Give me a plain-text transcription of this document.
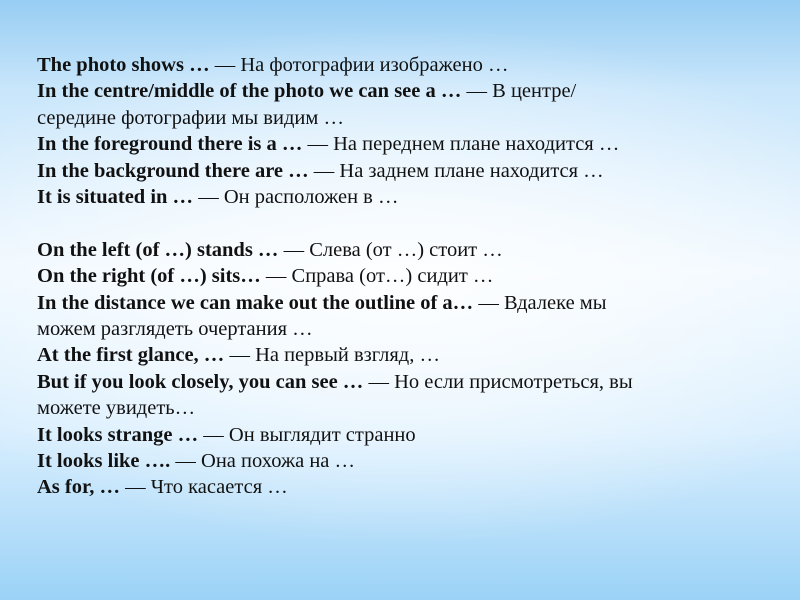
The photo shows … — На фотографии изображено …
In the centre/middle of the photo we can see a … — В центре/
середине фотографии мы видим …
In the foreground there is a … — На переднем плане находится …
In the background there are … — На заднем плане находится …
It is situated in … — Он расположен в …
On the left (of …) stands … — Слева (от …) стоит …
On the right (of …) sits… — Справа (от…) сидит …
In the distance we can make out the outline of a… — Вдалеке мы
можем разглядеть очертания …
At the first glance, … — На первый взгляд, …
But if you look closely, you can see … — Но если присмотреться, вы
можете увидеть…
It looks strange … — Он выглядит странно
It looks like …. — Она похожа на …
As for, … — Что касается …
